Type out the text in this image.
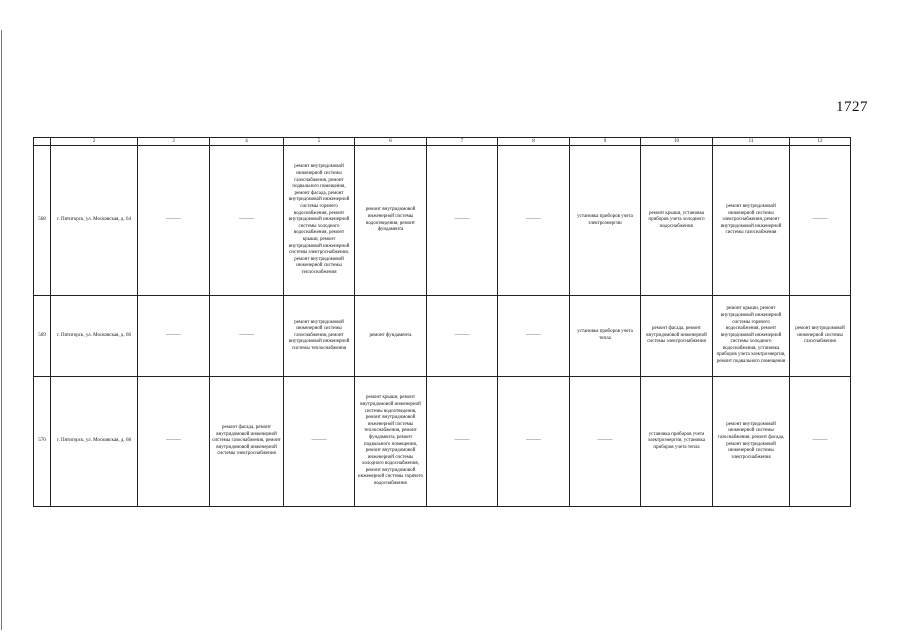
1727
	2	3	4	5	6	7	8	9	10	11	12
568	г. Пятигорск, ул. Московская, д. 64	———	———	ремонт внутридомовой инженерной системы газоснабжения, ремонт подвального помещения, ремонт фасада, ремонт внутридомовой инженерной системы горячего водоснабжения, ремонт внутридомовой инженерной системы холодного водоснабжения, ремонт крыши, ремонт внутридомовой инженерной системы электроснабжения, ремонт внутридомовой инженерной системы теплоснабжения	ремонт внутридомовой инженерной системы водоотведения, ремонт фундамента	———	———	установка приборов учета электроэнергии	ремонт крыши, установка приборов учета холодного водоснабжения	ремонт внутридомовой инженерной системы электроснабжения, ремонт внутридомовой инженерной системы газоснабжения	———
569	г. Пятигорск, ул. Московская, д. 66	———	———	ремонт внутридомовой инженерной системы газоснабжения, ремонт внутридомовой инженерной системы теплоснабжения	ремонт фундамента	———	———	установка приборов учета тепла	ремонт фасада, ремонт внутридомовой инженерной системы электроснабжения	ремонт крыши, ремонт внутридомовой инженерной системы горячего водоснабжения, ремонт внутридомовой инженерной системы холодного водоснабжения, установка приборов учета электроэнергии, ремонт подвального помещения	ремонт внутридомовой инженерной системы газоснабжения
570	г. Пятигорск, ул. Московская, д. 68	———	ремонт фасада, ремонт внутридомовой инженерной системы газоснабжения, ремонт внутридомовой инженерной системы электроснабжения	———	ремонт крыши, ремонт внутридомовой инженерной системы водоотведения, ремонт внутридомовой инженерной системы теплоснабжения, ремонт фундамента, ремонт подвального помещения, ремонт внутридомовой инженерной системы холодного водоснабжения, ремонт внутридомовой инженерной системы горячего водоснабжения	———	———	———	установка приборов учета электроэнергии, установка приборов учета тепла	ремонт внутридомовой инженерной системы газоснабжения, ремонт фасада, ремонт внутридомовой инженерной системы электроснабжения	———
